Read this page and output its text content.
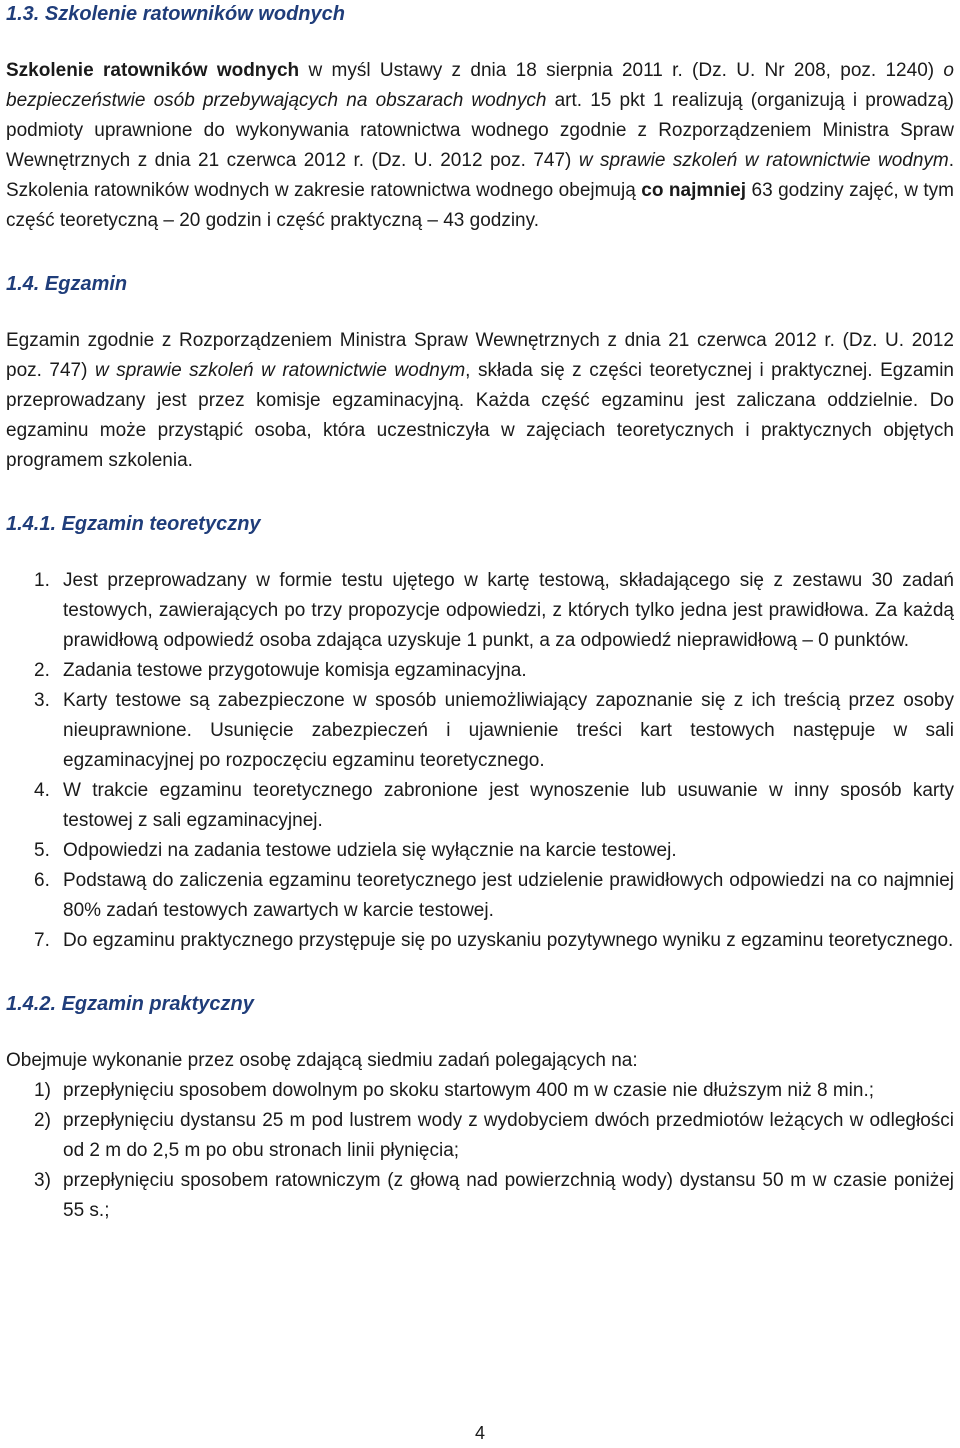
1.3. Szkolenie ratowników wodnych

Szkolenie ratowników wodnych w myśl Ustawy z dnia 18 sierpnia 2011 r. (Dz. U. Nr 208, poz. 1240) o bezpieczeństwie osób przebywających na obszarach wodnych art. 15 pkt 1 realizują (organizują i prowadzą) podmioty uprawnione do wykonywania ratownictwa wodnego zgodnie z Rozporządzeniem Ministra Spraw Wewnętrznych z dnia 21 czerwca 2012 r. (Dz. U. 2012 poz. 747) w sprawie szkoleń w ratownictwie wodnym. Szkolenia ratowników wodnych w zakresie ratownictwa wodnego obejmują co najmniej 63 godziny zajęć, w tym część teoretyczną – 20 godzin i część praktyczną – 43 godziny.

1.4. Egzamin

Egzamin zgodnie z Rozporządzeniem Ministra Spraw Wewnętrznych z dnia 21 czerwca 2012 r. (Dz. U. 2012 poz. 747) w sprawie szkoleń w ratownictwie wodnym, składa się z części teoretycznej i praktycznej. Egzamin przeprowadzany jest przez komisje egzaminacyjną. Każda część egzaminu jest zaliczana oddzielnie. Do egzaminu może przystąpić osoba, która uczestniczyła w zajęciach teoretycznych i praktycznych objętych programem szkolenia.

1.4.1. Egzamin teoretyczny
1. Jest przeprowadzany w formie testu ujętego w kartę testową, składającego się z zestawu 30 zadań testowych, zawierających po trzy propozycje odpowiedzi, z których tylko jedna jest prawidłowa. Za każdą prawidłową odpowiedź osoba zdająca uzyskuje 1 punkt, a za odpowiedź nieprawidłową – 0 punktów.
2. Zadania testowe przygotowuje komisja egzaminacyjna.
3. Karty testowe są zabezpieczone w sposób uniemożliwiający zapoznanie się z ich treścią przez osoby nieuprawnione. Usunięcie zabezpieczeń i ujawnienie treści kart testowych następuje w sali egzaminacyjnej po rozpoczęciu egzaminu teoretycznego.
4. W trakcie egzaminu teoretycznego zabronione jest wynoszenie lub usuwanie w inny sposób karty testowej z sali egzaminacyjnej.
5. Odpowiedzi na zadania testowe udziela się wyłącznie na karcie testowej.
6. Podstawą do zaliczenia egzaminu teoretycznego jest udzielenie prawidłowych odpowiedzi na co najmniej 80% zadań testowych zawartych w karcie testowej.
7. Do egzaminu praktycznego przystępuje się po uzyskaniu pozytywnego wyniku z egzaminu teoretycznego.
1.4.2. Egzamin praktyczny

Obejmuje wykonanie przez osobę zdającą siedmiu zadań polegających na:

1) przepłynięciu sposobem dowolnym po skoku startowym 400 m w czasie nie dłuższym niż 8 min.;
2) przepłynięciu dystansu 25 m pod lustrem wody z wydobyciem dwóch przedmiotów leżących w odległości od 2 m do 2,5 m po obu stronach linii płynięcia;
3) przepłynięciu sposobem ratowniczym (z głową nad powierzchnią wody) dystansu 50 m w czasie poniżej 55 s.;
4
